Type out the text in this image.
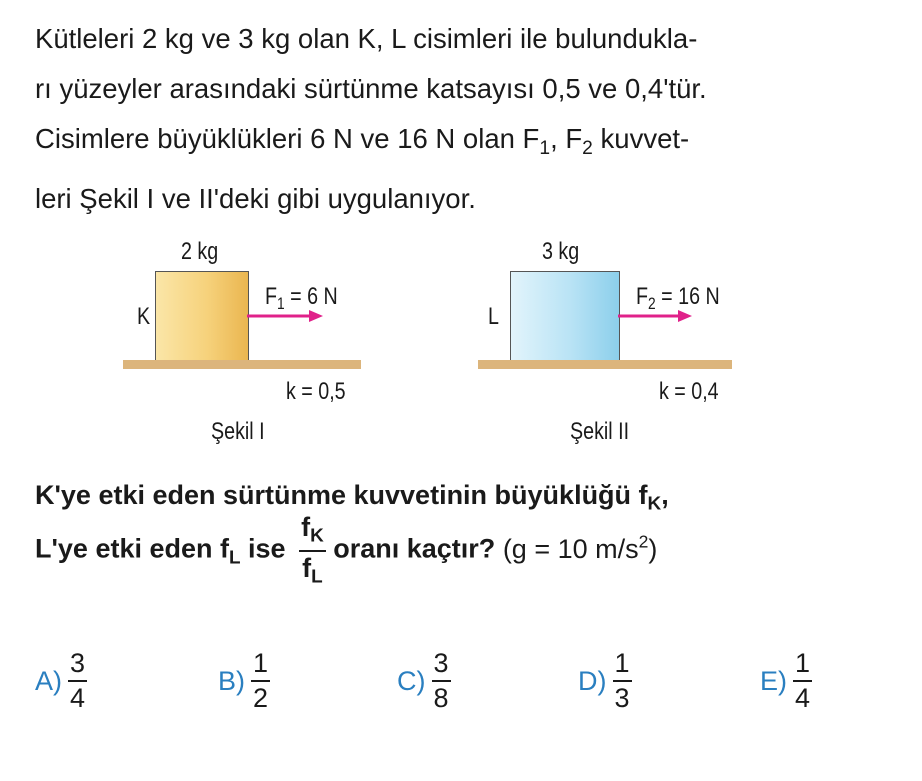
Kütleleri 2 kg ve 3 kg olan K, L cisimleri ile bulundukla-
rı yüzeyler arasındaki sürtünme katsayısı 0,5 ve 0,4'tür.
Cisimlere büyüklükleri 6 N ve 16 N olan $F_1$, $F_2$ kuvvet-
leri Şekil I ve II'deki gibi uygulanıyor.
2 kg
K
$F_1 = 6$ N
k = 0,5
Şekil I
3 kg
L
$F_2 = 16$ N
k = 0,4
Şekil II
K'ye etki eden sürtünme kuvvetinin büyüklüğü $f_K$,
L'ye etki eden $f_L$ ise $\frac{f_K}{f_L}$ oranı kaçtır? (g = 10 $m/s^2$)
$A) \frac{3}{4}$	$B) \frac{1}{2}$	$C) \frac{3}{8}$	$D) \frac{1}{3}$	$E) \frac{1}{4}$
